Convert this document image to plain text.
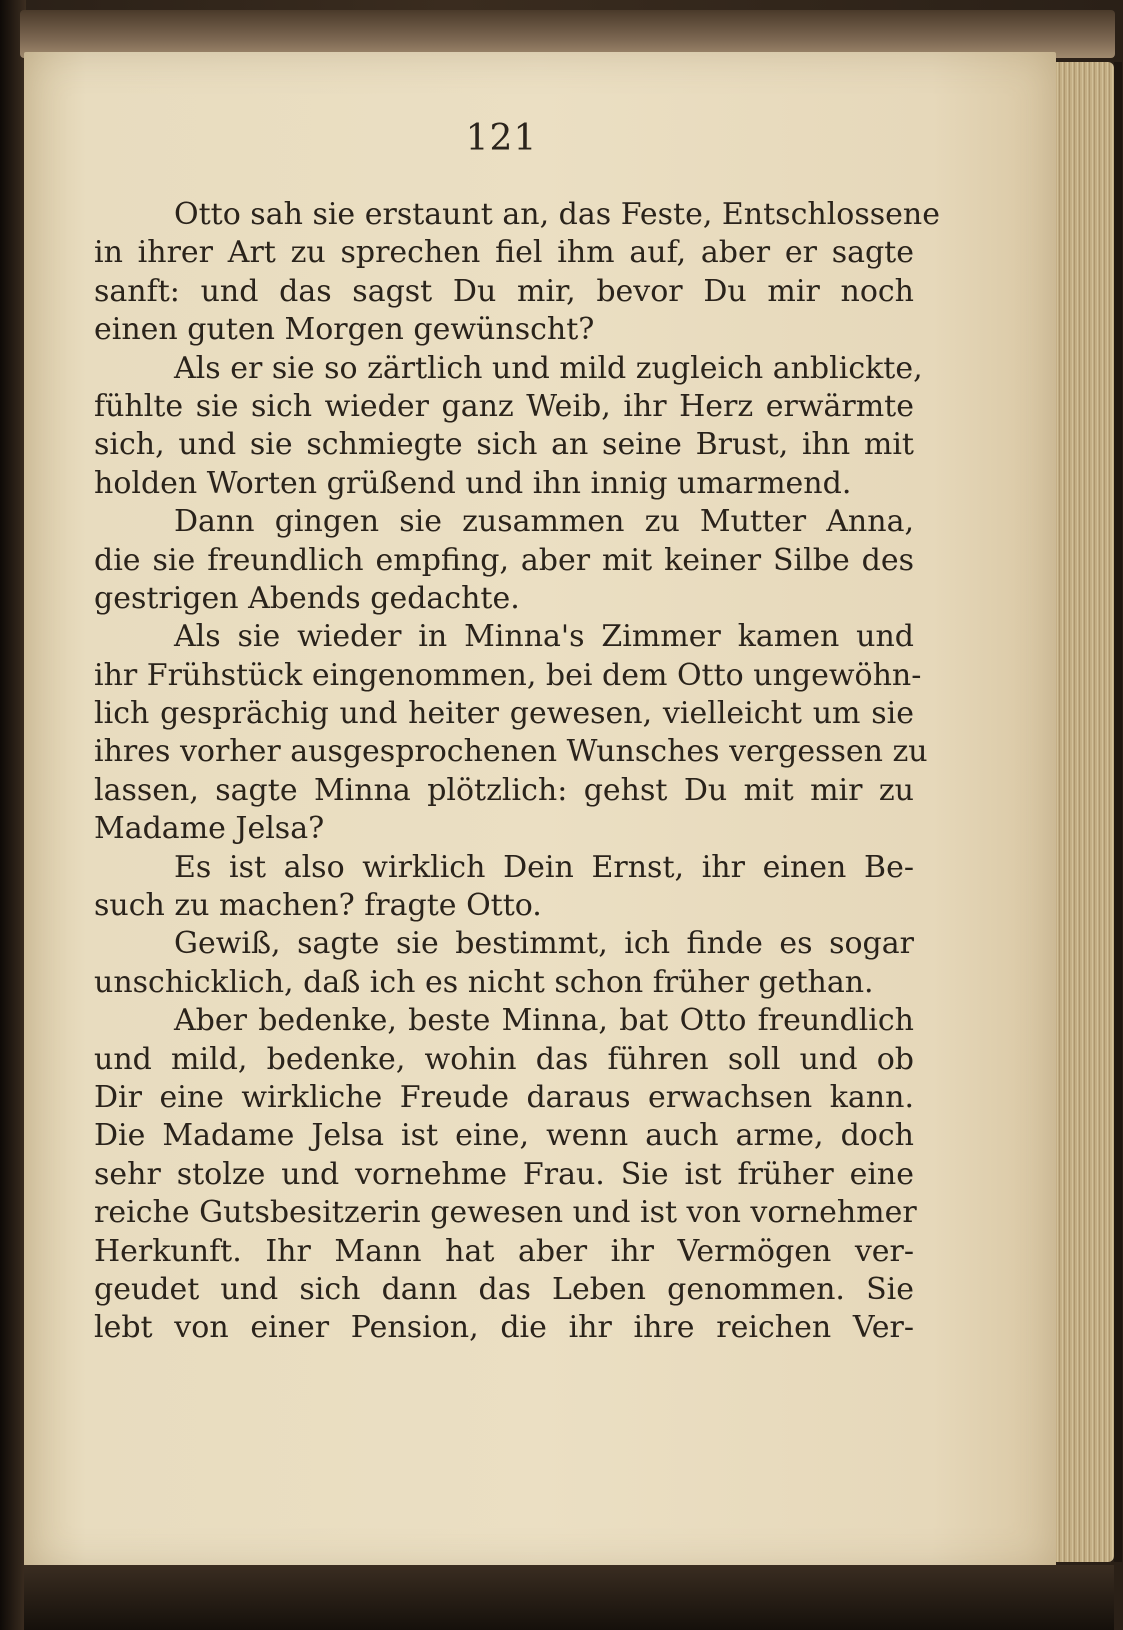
121
Otto sah sie erstaunt an, das Feste, Entschlossene
in ihrer Art zu sprechen fiel ihm auf, aber er sagte
sanft: und das sagst Du mir, bevor Du mir noch
einen guten Morgen gewünscht?
Als er sie so zärtlich und mild zugleich anblickte,
fühlte sie sich wieder ganz Weib, ihr Herz erwärmte
sich, und sie schmiegte sich an seine Brust, ihn mit
holden Worten grüßend und ihn innig umarmend.
Dann gingen sie zusammen zu Mutter Anna,
die sie freundlich empfing, aber mit keiner Silbe des
gestrigen Abends gedachte.
Als sie wieder in Minna's Zimmer kamen und
ihr Frühstück eingenommen, bei dem Otto ungewöhn-
lich gesprächig und heiter gewesen, vielleicht um sie
ihres vorher ausgesprochenen Wunsches vergessen zu
lassen, sagte Minna plötzlich: gehst Du mit mir zu
Madame Jelsa?
Es ist also wirklich Dein Ernst, ihr einen Be-
such zu machen? fragte Otto.
Gewiß, sagte sie bestimmt, ich finde es sogar
unschicklich, daß ich es nicht schon früher gethan.
Aber bedenke, beste Minna, bat Otto freundlich
und mild, bedenke, wohin das führen soll und ob
Dir eine wirkliche Freude daraus erwachsen kann.
Die Madame Jelsa ist eine, wenn auch arme, doch
sehr stolze und vornehme Frau. Sie ist früher eine
reiche Gutsbesitzerin gewesen und ist von vornehmer
Herkunft. Ihr Mann hat aber ihr Vermögen ver-
geudet und sich dann das Leben genommen. Sie
lebt von einer Pension, die ihr ihre reichen Ver-
